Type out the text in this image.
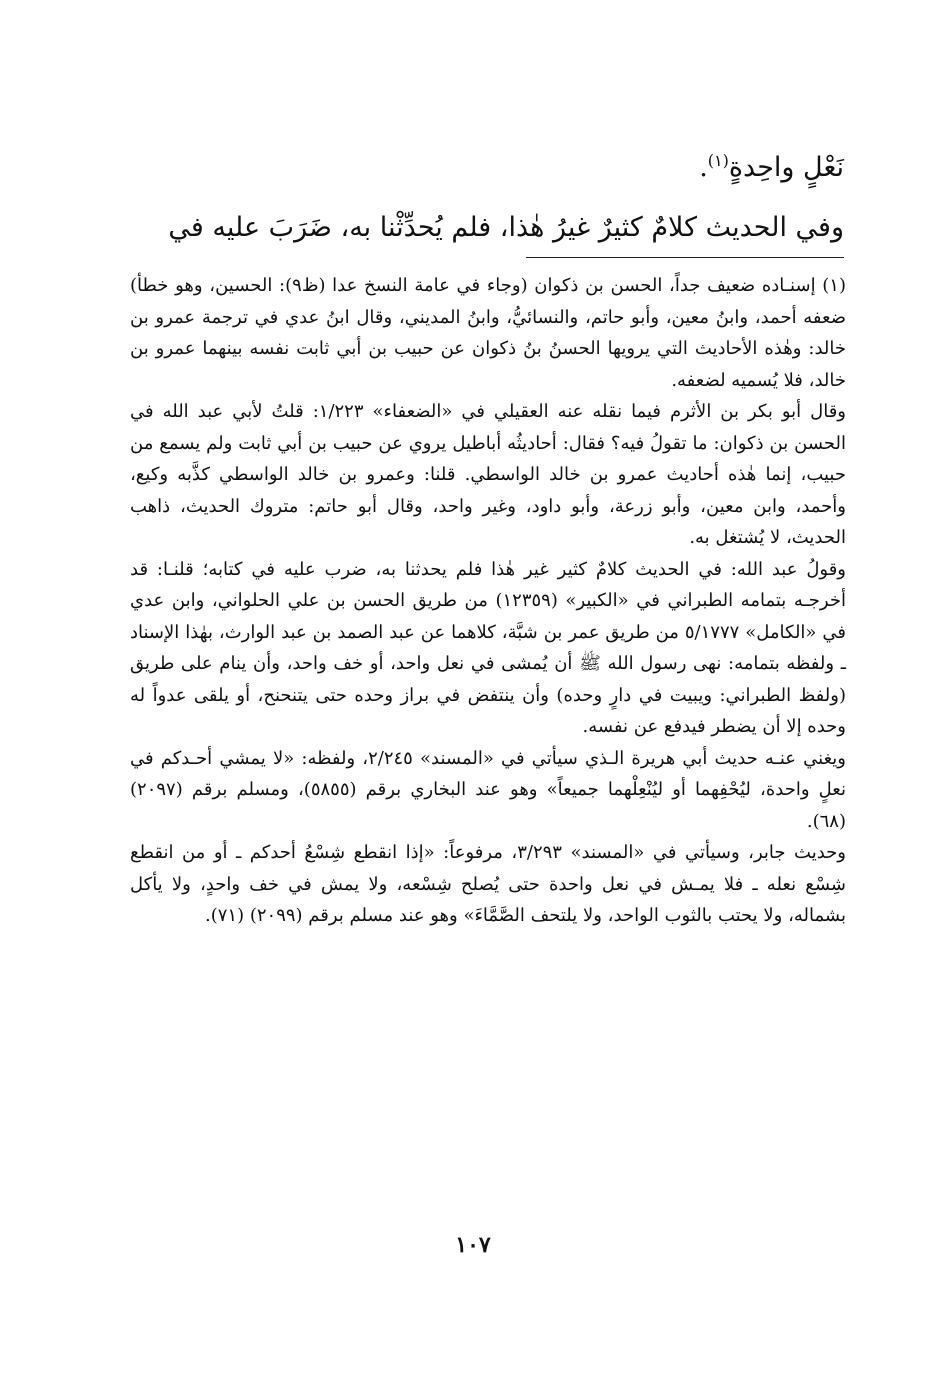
نَعْلٍ واحِدةٍ$^{(١)}$.
وفي الحديث كلامٌ كثيرٌ غيرُ هٰذا، فلم يُحدِّثْنا به، ضَرَبَ عليه في

(١) إسنـاده ضعيف جداً، الحسن بن ذكوان (وجاء في عامة النسخ عدا (ظ٩): الحسين، وهو خطأ) ضعفه أحمد، وابنُ معين، وأبو حاتم، والنسائيُّ، وابنُ المديني، وقال ابنُ عدي في ترجمة عمرو بن خالد: وهٰذه الأحاديث التي يرويها الحسنُ بنُ ذكوان عن حبيب بن أبي ثابت نفسه بينهما عمرو بن خالد، فلا يُسميه لضعفه.

وقال أبو بكر بن الأثرم فيما نقله عنه العقيلي في «الضعفاء» ١/٢٢٣: قلتُ لأبي عبد الله في الحسن بن ذكوان: ما تقولُ فيه؟ فقال: أحاديثُه أباطيل يروي عن حبيب بن أبي ثابت ولم يسمع من حبيب، إنما هٰذه أحاديث عمرو بن خالد الواسطي. قلنا: وعمرو بن خالد الواسطي كذَّبه وكيع، وأحمد، وابن معين، وأبو زرعة، وأبو داود، وغير واحد، وقال أبو حاتم: متروك الحديث، ذاهب الحديث، لا يُشتغل به.

وقولُ عبد الله: في الحديث كلامٌ كثير غير هٰذا فلم يحدثنا به، ضرب عليه في كتابه؛ قلنـا: قد أخرجـه بتمامه الطبراني في «الكبير» (١٢٣٥٩) من طريق الحسن بن علي الحلواني، وابن عدي في «الكامل» ٥/١٧٧٧ من طريق عمر بن شبَّة، كلاهما عن عبد الصمد بن عبد الوارث، بهٰذا الإسناد ـ ولفظه بتمامه: نهى رسول الله ﷺ أن يُمشى في نعل واحد، أو خف واحد، وأن ينام على طريق (ولفظ الطبراني: ويبيت في دارٍ وحده) وأن ينتفض في براز وحده حتى يتنحنح، أو يلقى عدواً له وحده إلا أن يضطر فيدفع عن نفسه.

ويغني عنـه حديث أبي هريرة الـذي سيأتي في «المسند» ٢/٢٤٥، ولفظه: «لا يمشي أحـدكم في نعلٍ واحدة، ليُحْفِهما أو ليُنْعِلْهما جميعاً» وهو عند البخاري برقم (٥٨٥٥)، ومسلم برقم (٢٠٩٧) (٦٨).

وحديث جابر، وسيأتي في «المسند» ٣/٢٩٣، مرفوعاً: «إذا انقطع شِسْعُ أحدكم ـ أو من انقطع شِسْع نعله ـ فلا يمـش في نعل واحدة حتى يُصلح شِسْعه، ولا يمش في خف واحدٍ، ولا يأكل بشماله، ولا يحتب بالثوب الواحد، ولا يلتحف الصَّمَّاءَ» وهو عند مسلم برقم (٢٠٩٩) (٧١).

١٠٧
